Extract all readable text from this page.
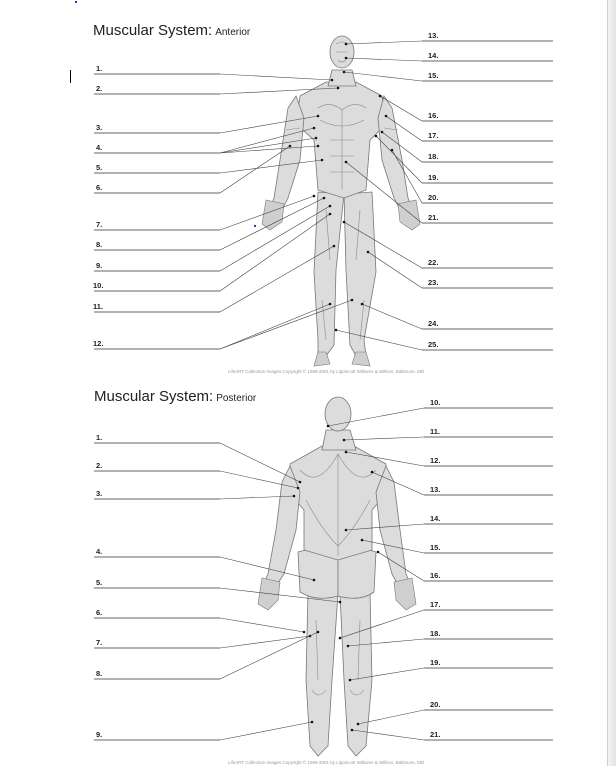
Muscular System: Anterior
Muscular System: Posterior
1.
2.
3.
4.
5.
6.
7.
8.
9.
10.
11.
12.
13.
14.
15.
16.
17.
18.
19.
20.
21.
22.
23.
24.
25.
1.
2.
3.
4.
5.
6.
7.
8.
9.
10.
11.
12.
13.
14.
15.
16.
17.
18.
19.
20.
21.
LifeART Collection Images Copyright © 1989-2001 by Lippincott Williams & Wilkins, Baltimore, MD
LifeART Collection Images Copyright © 1989-2001 by Lippincott Williams & Wilkins, Baltimore, MD
